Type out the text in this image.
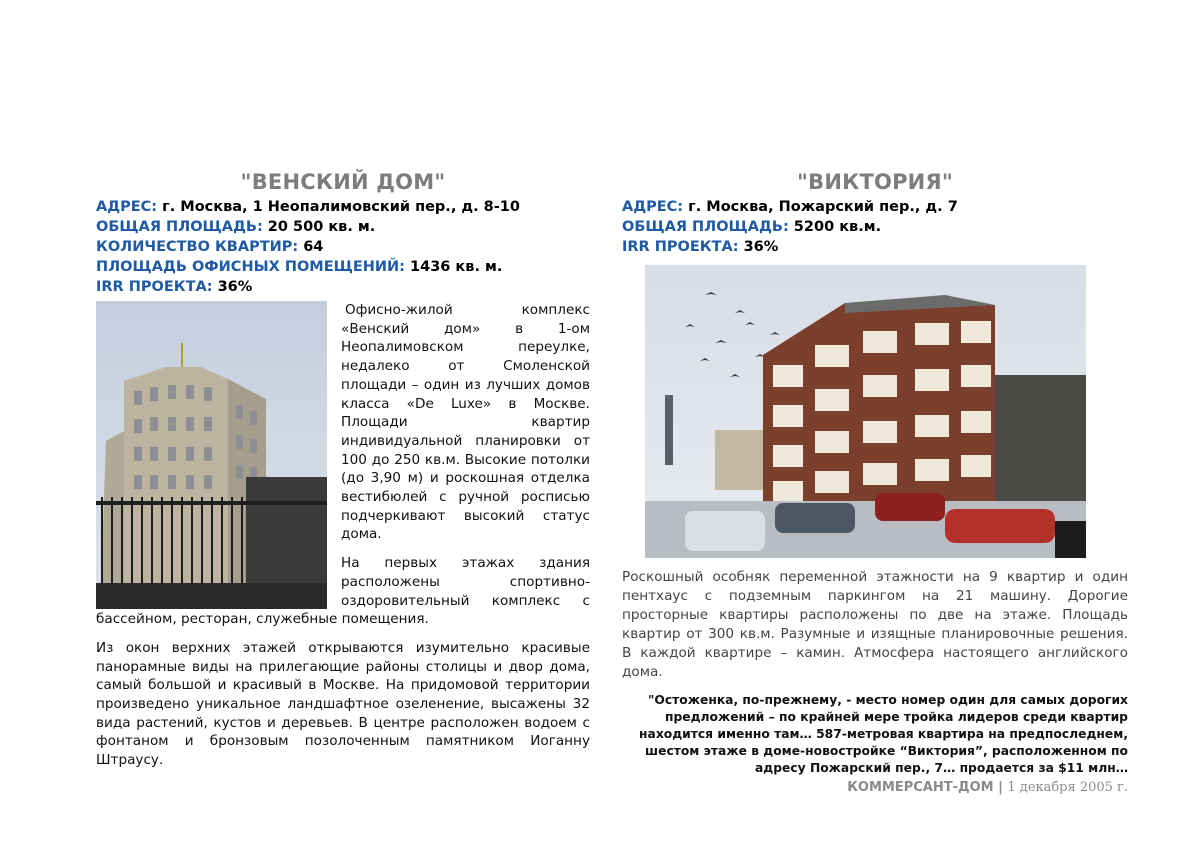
"ВЕНСКИЙ ДОМ"
АДРЕС: г. Москва, 1 Неопалимовский пер., д. 8-10
ОБЩАЯ ПЛОЩАДЬ: 20 500 кв. м.
КОЛИЧЕСТВО КВАРТИР: 64
ПЛОЩАДЬ ОФИСНЫХ ПОМЕЩЕНИЙ: 1436 кв. м.
IRR ПРОЕКТА: 36%

Офисно-жилой комплекс «Венский дом» в 1-ом Неопалимовском переулке, недалеко от Смоленской площади – один из лучших домов класса «De Luxe» в Москве. Площади квартир индивидуальной планировки от 100 до 250 кв.м. Высокие потолки (до 3,90 м) и роскошная отделка вестибюлей с ручной росписью подчеркивают высокий статус дома.

На первых этажах здания расположены спортивно-оздоровительный комплекс с бассейном, ресторан, служебные помещения.

Из окон верхних этажей открываются изумительно красивые панорамные виды на прилегающие районы столицы и двор дома, самый большой и красивый в Москве. На придомовой территории произведено уникальное ландшафтное озеленение, высажены 32 вида растений, кустов и деревьев. В центре расположен водоем с фонтаном и бронзовым позолоченным памятником Иоганну Штраусу.

"ВИКТОРИЯ"
АДРЕС: г. Москва, Пожарский пер., д. 7
ОБЩАЯ ПЛОЩАДЬ: 5200 кв.м.
IRR ПРОЕКТА: 36%

Роскошный особняк переменной этажности на 9 квартир и один пентхаус с подземным паркингом на 21 машину. Дорогие просторные квартиры расположены по две на этаже. Площадь квартир от 300 кв.м. Разумные и изящные планировочные решения. В каждой квартире – камин. Атмосфера настоящего английского дома.

"Остоженка, по-прежнему, - место номер один для самых дорогих предложений – по крайней мере тройка лидеров среди квартир находится именно там… 587-метровая квартира на предпоследнем, шестом этаже в доме-новостройке “Виктория”, расположенном по адресу Пожарский пер., 7… продается за $11 млн…
КОММЕРСАНТ-ДОМ | 1 декабря 2005 г.
